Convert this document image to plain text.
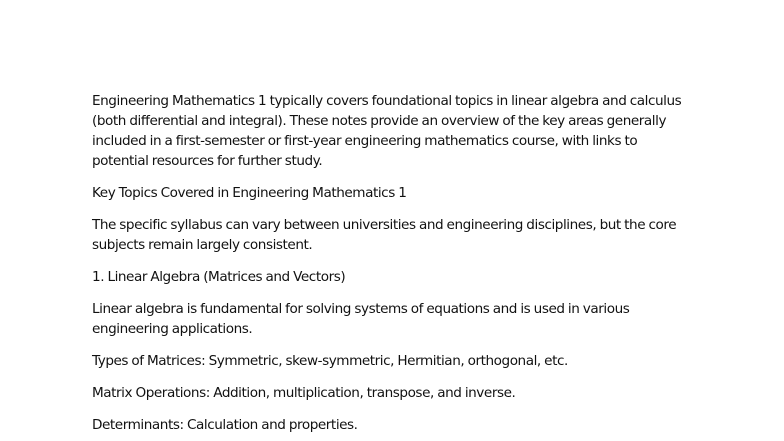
Engineering Mathematics 1 typically covers foundational topics in linear algebra and calculus (both differential and integral). These notes provide an overview of the key areas generally included in a first-semester or first-year engineering mathematics course, with links to potential resources for further study.

Key Topics Covered in Engineering Mathematics 1

The specific syllabus can vary between universities and engineering disciplines, but the core subjects remain largely consistent.

1. Linear Algebra (Matrices and Vectors)

Linear algebra is fundamental for solving systems of equations and is used in various engineering applications.

Types of Matrices: Symmetric, skew-symmetric, Hermitian, orthogonal, etc.

Matrix Operations: Addition, multiplication, transpose, and inverse.

Determinants: Calculation and properties.
